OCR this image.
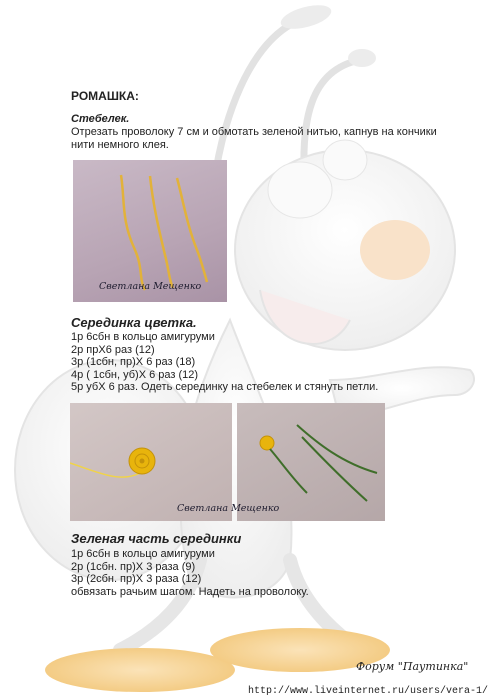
РОМАШКА:
Стебелек.
Отрезать проволоку 7 см и обмотать зеленой нитью, капнув на кончики нити немного клея.
Светлана Мещенко
Серединка цветка.
1р 6сбн в кольцо амигуруми
2р прХ6 раз (12)
3р (1сбн, пр)Х 6 раз (18)
4р ( 1сбн, уб)Х 6 раз (12)
5р убХ 6 раз. Одеть серединку на стебелек и стянуть петли.
Светлана Мещенко
Зеленая часть серединки
1р 6сбн в кольцо амигуруми
2р (1сбн. пр)Х 3 раза (9)
3р (2сбн. пр)Х 3 раза (12)
обвязать рачьим шагом. Надеть на проволоку.
Форум "Паутинка"
http://www.liveinternet.ru/users/vera-1/
